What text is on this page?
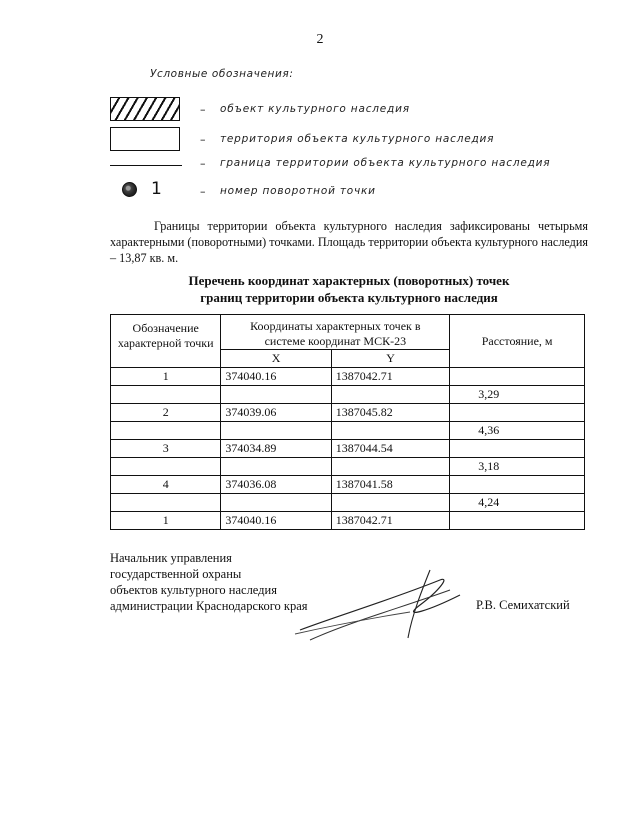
2
Условные обозначения:
– объект культурного наследия
– территория объекта культурного наследия
– граница территории объекта культурного наследия
1	– номер поворотной точки
Границы территории объекта культурного наследия зафиксированы четырьмя характерными (поворотными) точками. Площадь территории объекта культурного наследия – 13,87 кв. м.
Перечень координат характерных (поворотных) точек
границ территории объекта культурного наследия
Обозначение характерной точки	Координаты характерных точек в системе координат МСК-23		Расстояние, м
	X	Y	
1	374040.16	1387042.71	
			3,29
2	374039.06	1387045.82	
			4,36
3	374034.89	1387044.54	
			3,18
4	374036.08	1387041.58	
			4,24
1	374040.16	1387042.71	
Начальник управления
государственной охраны
объектов культурного наследия
администрации Краснодарского края	Р.В. Семихатский
